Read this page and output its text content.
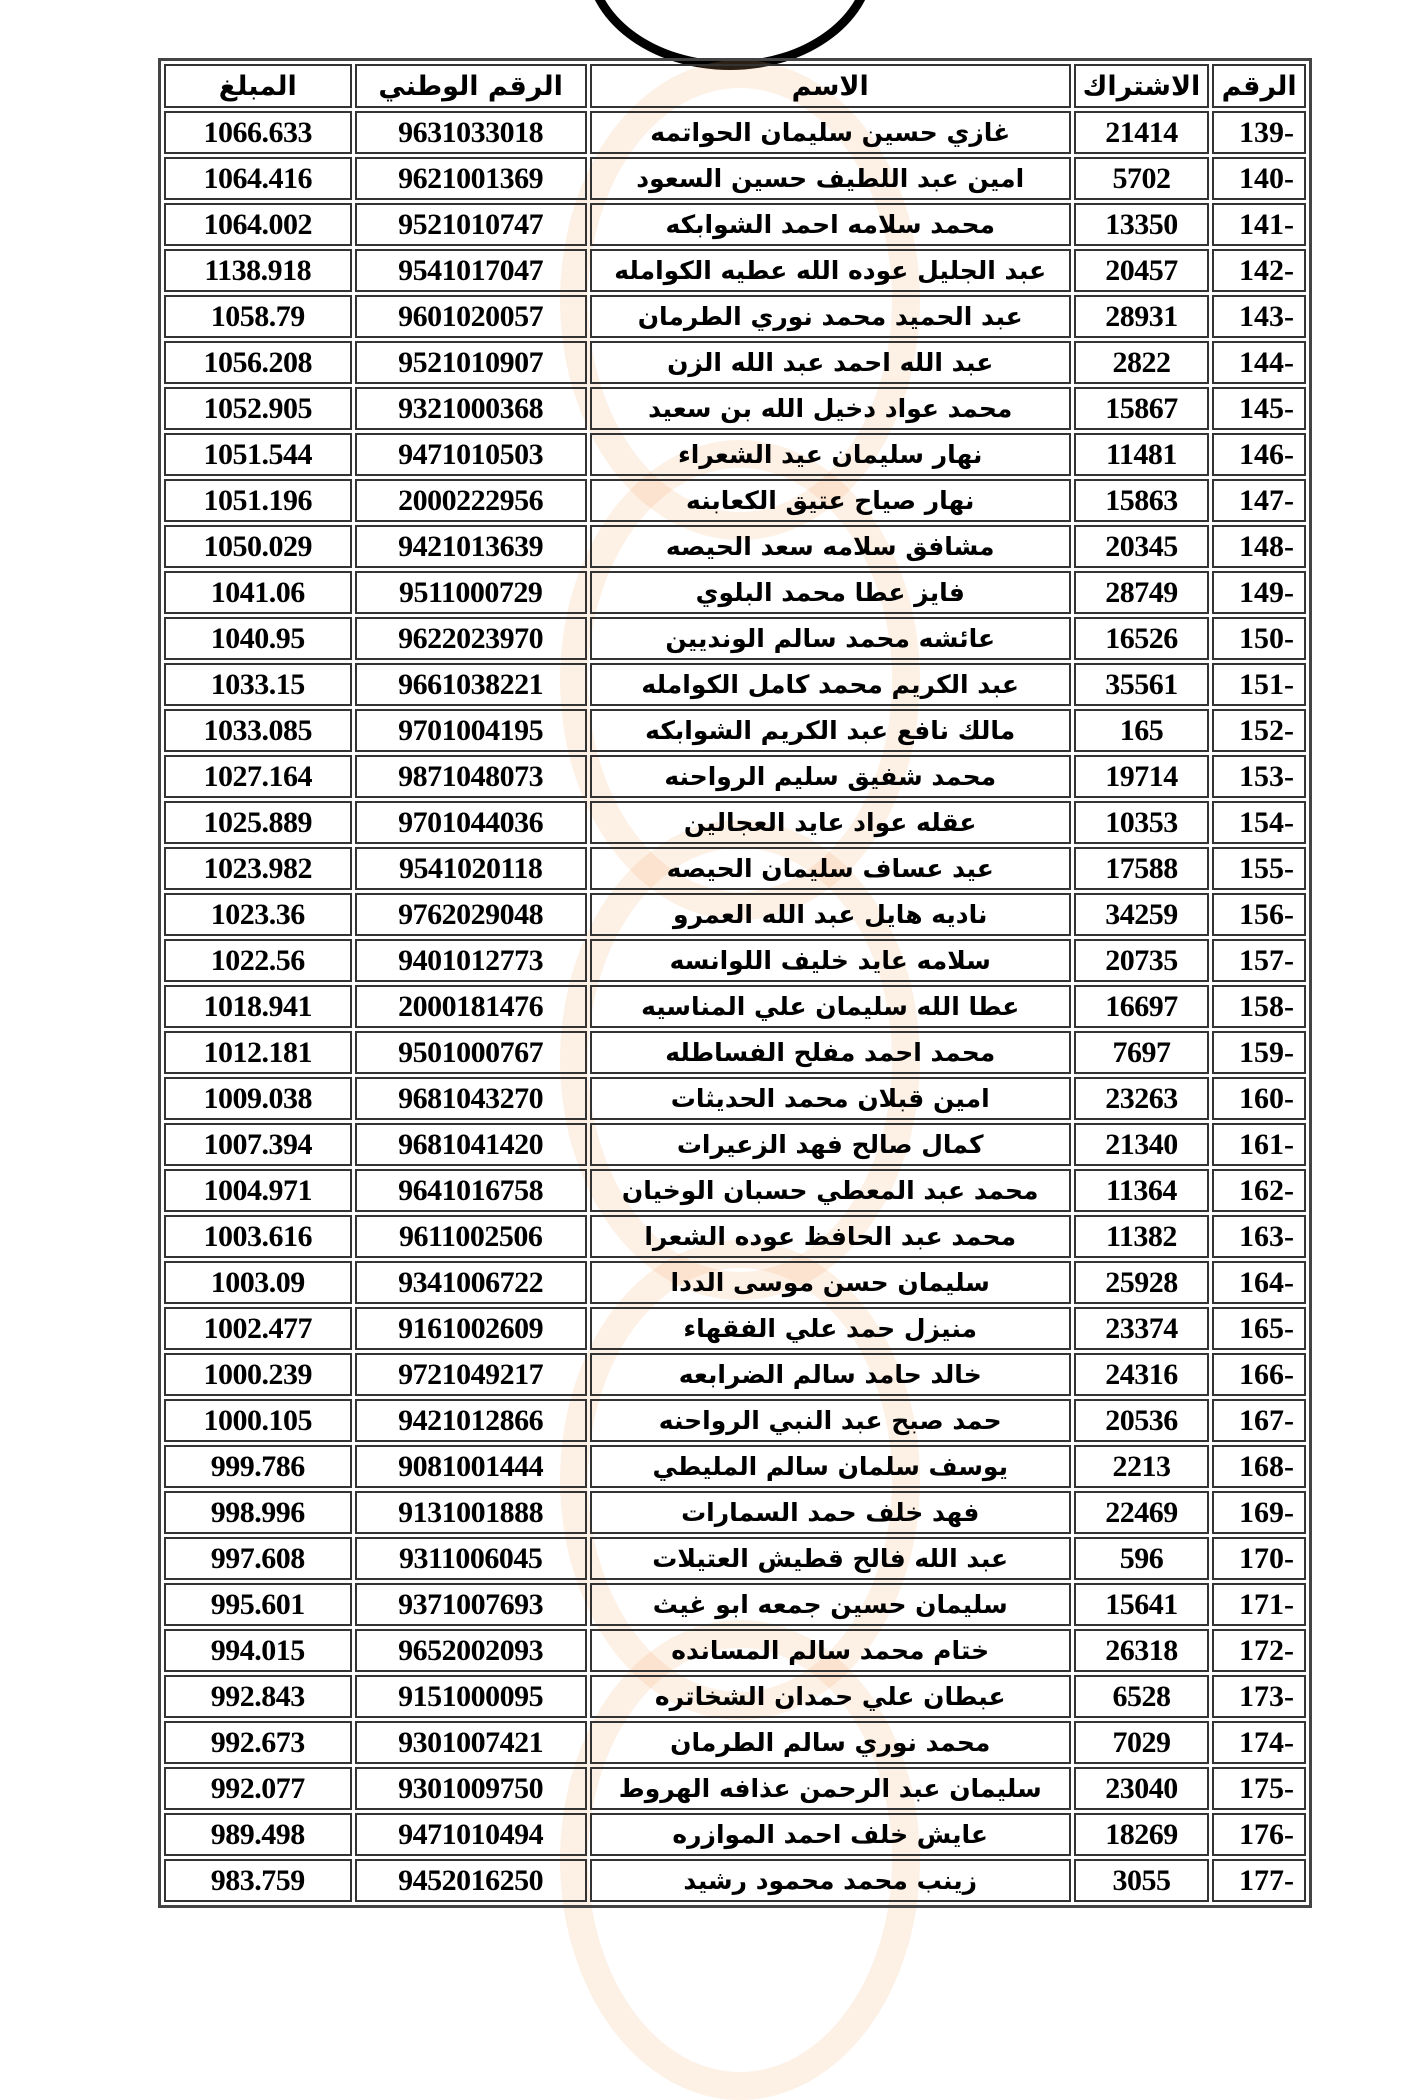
الرقم	الاشتراك	الاسم	الرقم الوطني	المبلغ
-139	21414	غازي حسين سليمان الحواتمه	9631033018	1066.633
-140	5702	امين عبد اللطيف حسين السعود	9621001369	1064.416
-141	13350	محمد سلامه احمد الشوابكه	9521010747	1064.002
-142	20457	عبد الجليل عوده الله عطيه الكوامله	9541017047	1138.918
-143	28931	عبد الحميد محمد نوري الطرمان	9601020057	1058.79
-144	2822	عبد الله احمد عبد الله الزن	9521010907	1056.208
-145	15867	محمد عواد دخيل الله بن سعيد	9321000368	1052.905
-146	11481	نهار سليمان عيد الشعراء	9471010503	1051.544
-147	15863	نهار صياح عتيق الكعابنه	2000222956	1051.196
-148	20345	مشافق سلامه سعد الحيصه	9421013639	1050.029
-149	28749	فايز عطا محمد البلوي	9511000729	1041.06
-150	16526	عائشه محمد سالم الونديين	9622023970	1040.95
-151	35561	عبد الكريم محمد كامل الكوامله	9661038221	1033.15
-152	165	مالك نافع عبد الكريم الشوابكه	9701004195	1033.085
-153	19714	محمد شفيق سليم الرواحنه	9871048073	1027.164
-154	10353	عقله عواد عايد العجالين	9701044036	1025.889
-155	17588	عيد عساف سليمان الحيصه	9541020118	1023.982
-156	34259	ناديه هايل عبد الله العمرو	9762029048	1023.36
-157	20735	سلامه عايد خليف اللوانسه	9401012773	1022.56
-158	16697	عطا الله سليمان علي المناسيه	2000181476	1018.941
-159	7697	محمد احمد مفلح الفساطله	9501000767	1012.181
-160	23263	امين قبلان محمد الحديثات	9681043270	1009.038
-161	21340	كمال صالح فهد الزعيرات	9681041420	1007.394
-162	11364	محمد عبد المعطي حسبان الوخيان	9641016758	1004.971
-163	11382	محمد عبد الحافظ عوده الشعرا	9611002506	1003.616
-164	25928	سليمان حسن موسى الددا	9341006722	1003.09
-165	23374	منيزل حمد علي الفقهاء	9161002609	1002.477
-166	24316	خالد حامد سالم الضرابعه	9721049217	1000.239
-167	20536	حمد صبح عبد النبي الرواحنه	9421012866	1000.105
-168	2213	يوسف سلمان سالم المليطي	9081001444	999.786
-169	22469	فهد خلف حمد السمارات	9131001888	998.996
-170	596	عبد الله فالح قطيش العتيلات	9311006045	997.608
-171	15641	سليمان حسين جمعه ابو غيث	9371007693	995.601
-172	26318	ختام محمد سالم المسانده	9652002093	994.015
-173	6528	عبطان علي حمدان الشخاتره	9151000095	992.843
-174	7029	محمد نوري سالم الطرمان	9301007421	992.673
-175	23040	سليمان عبد الرحمن عذافه الهروط	9301009750	992.077
-176	18269	عايش خلف احمد الموازره	9471010494	989.498
-177	3055	زينب محمد محمود رشيد	9452016250	983.759
